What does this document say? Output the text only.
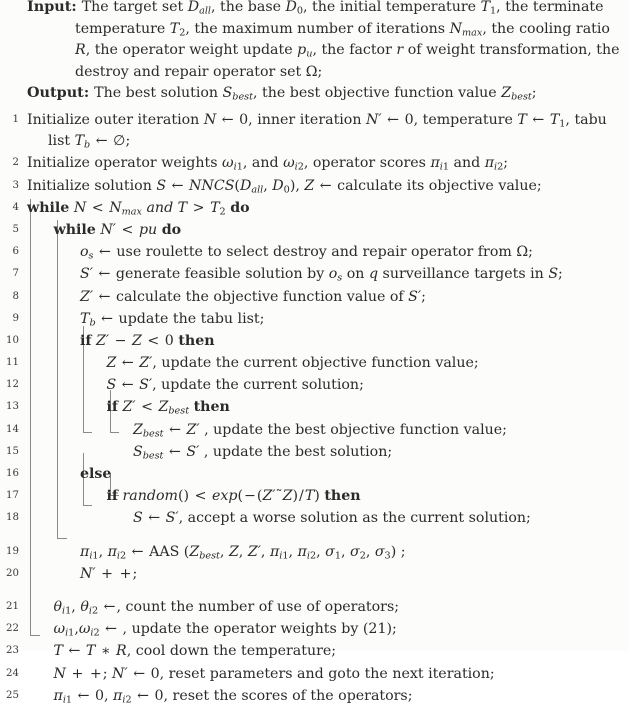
Input: The target set $D_{all}$, the base D0, the initial temperature T1, the terminate
temperature T2, the maximum number of iterations $N_{max}$, the cooling ratio
R, the operator weight update $p_u$, the factor r of weight transformation, the
destroy and repair operator set Ω;
Output: The best solution $S_{best}$, the best objective function value $Z_{best}$;
1 Initialize outer iteration N ← 0, inner iteration N′ ← 0, temperature T ← T1, tabu
list $T_b$ ← ∅;
2 Initialize operator weights $\omega_i1$, and $\omega_i2$, operator scores $\pi_i1$ and $\pi_i2$;
3 Initialize solution S ← $NNCS(D_{all}$, D0), Z ← calculate its objective value;
4 while $N < N_{max}$ and T > T2 do
5 while N′ < pu do
6	$o_s$ ← use roulette to select destroy and repair operator from Ω;
7	S′ ← generate feasible solution by $o_s$ on q surveillance targets in S;
8	Z′ ← calculate the objective function value of S′;
9	$T_b$ ← update the tabu list;
10	if Z′ − Z < 0 then
11	Z ← Z′, update the current objective function value;
12	S ← S′, update the current solution;
13	if $Z' < Z_{best}$ then
14	$Z_{best}$ ← Z′ , update the best objective function value;
15	$S_{best}$ ← S′ , update the best solution;
16	else
17	if random() < exp(−(Z′˜Z)/T) then
18	S ← S′, accept a worse solution as the current solution;
19	$\pi_i1$, $\pi_i2$ ← AAS ($Z_{best}$, Z, Z′, $\pi_i1$, $\pi_i2$, σ1, σ2, σ3) ;
20	N′ + +;
21 $\theta_i1$, $\theta_i2$ ←, count the number of use of operators;
22 $\omega_i1,\omega_i2$ ← , update the operator weights by (21);
23 T ← T ∗ R, cool down the temperature;
24 N + +; N′ ← 0, reset parameters and goto the next iteration;
25 $\pi_i1$ ← 0, $\pi_i2$ ← 0, reset the scores of the operators;
